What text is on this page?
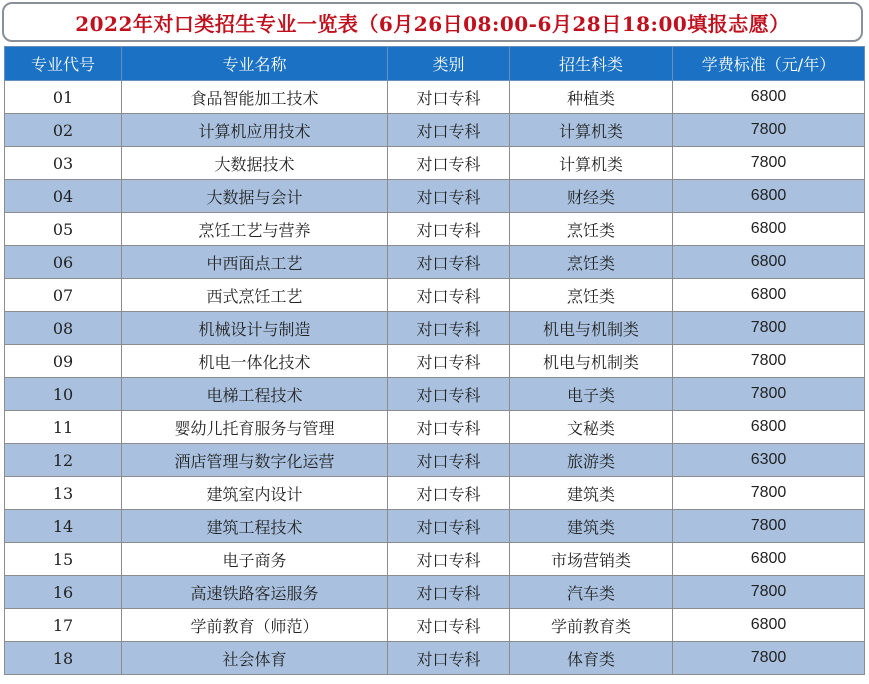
2022年对口类招生专业一览表（6月26日08:00-6月28日18:00填报志愿）
专业代号	专业名称	类别	招生科类	学费标准（元/年）
01	食品智能加工技术	对口专科	种植类	6800
02	计算机应用技术	对口专科	计算机类	7800
03	大数据技术	对口专科	计算机类	7800
04	大数据与会计	对口专科	财经类	6800
05	烹饪工艺与营养	对口专科	烹饪类	6800
06	中西面点工艺	对口专科	烹饪类	6800
07	西式烹饪工艺	对口专科	烹饪类	6800
08	机械设计与制造	对口专科	机电与机制类	7800
09	机电一体化技术	对口专科	机电与机制类	7800
10	电梯工程技术	对口专科	电子类	7800
11	婴幼儿托育服务与管理	对口专科	文秘类	6800
12	酒店管理与数字化运营	对口专科	旅游类	6300
13	建筑室内设计	对口专科	建筑类	7800
14	建筑工程技术	对口专科	建筑类	7800
15	电子商务	对口专科	市场营销类	6800
16	高速铁路客运服务	对口专科	汽车类	7800
17	学前教育（师范）	对口专科	学前教育类	6800
18	社会体育	对口专科	体育类	7800
